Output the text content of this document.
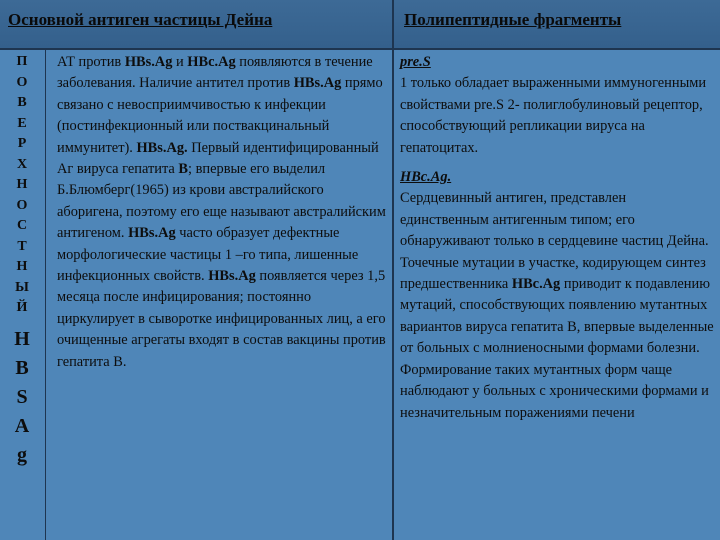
Основной антиген частицы Дейна	Полипептидные фрагменты
П
О
В
Е
Р
Х
Н
О
С
Т
Н
Ы
Й
H
B
S
A
g

АТ против HBs.Ag и HBc.Ag появляются в течение заболевания. Наличие антител против HBs.Ag прямо связано с невосприимчивостью к инфекции (постинфекционный или поствакцинальный иммунитет). HBs.Ag. Первый идентифицированный Аг вируса гепатита В; впервые его выделил Б.Блюмберг(1965) из крови австралийского аборигена, поэтому его еще называют австралийским антигеном. HBs.Ag часто образует дефектные морфологические частицы 1 –го типа, лишенные инфекционных свойств. HBs.Ag появляется через 1,5 месяца после инфицирования; постоянно циркулирует в сыворотке инфицированных лиц, а его очищенные агрегаты входят в состав вакцины против гепатита В.

pre.S

1 только обладает выраженными иммуногенными свойствами pre.S 2- полиглобулиновый рецептор, способствующий репликации вируса на гепатоцитах.

HBc.Ag.

Сердцевинный антиген, представлен единственным антигенным типом; его обнаруживают только в сердцевине частиц Дейна. Точечные мутации в участке, кодирующем синтез предшественника HBc.Ag приводит к подавлению мутаций, способствующих появлению мутантных вариантов вируса гепатита В, впервые выделенные от больных с молниеносными формами болезни. Формирование таких мутантных форм чаще наблюдают у больных с хроническими формами и незначительным поражениями печени
